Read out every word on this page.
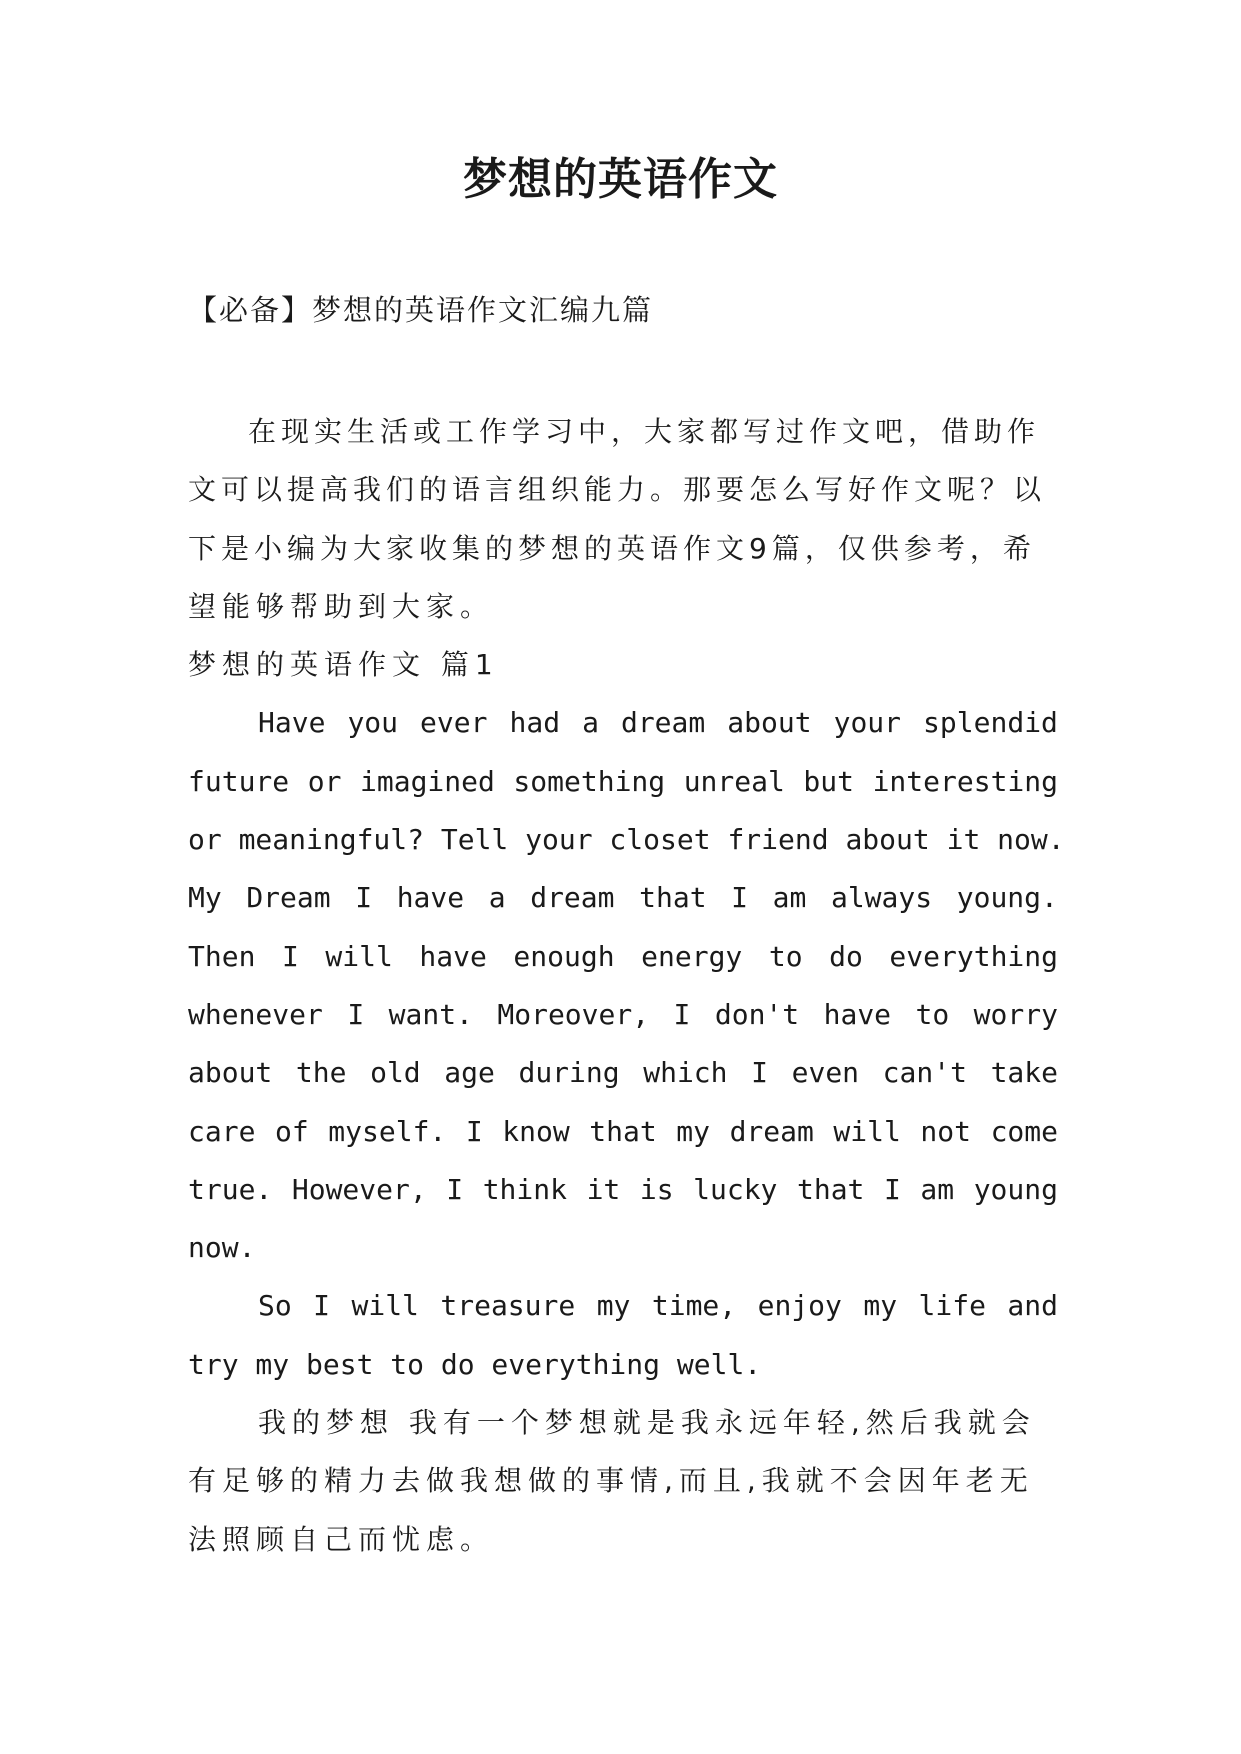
梦想的英语作文
【必备】梦想的英语作文汇编九篇
在现实生活或工作学习中，大家都写过作文吧，借助作
文可以提高我们的语言组织能力。那要怎么写好作文呢？以
下是小编为大家收集的梦想的英语作文9篇，仅供参考，希
望能够帮助到大家。
梦想的英语作文 篇1
Have you ever had a dream about your splendid
future or imagined something unreal but interesting
or meaningful? Tell your closet friend about it now.
My Dream I have a dream that I am always young.
Then I will have enough energy to do everything
whenever I want. Moreover, I don't have to worry
about the old age during which I even can't take
care of myself. I know that my dream will not come
true. However, I think it is lucky that I am young
now.
So I will treasure my time, enjoy my life and
try my best to do everything well.
我的梦想 我有一个梦想就是我永远年轻,然后我就会
有足够的精力去做我想做的事情,而且,我就不会因年老无
法照顾自己而忧虑。
